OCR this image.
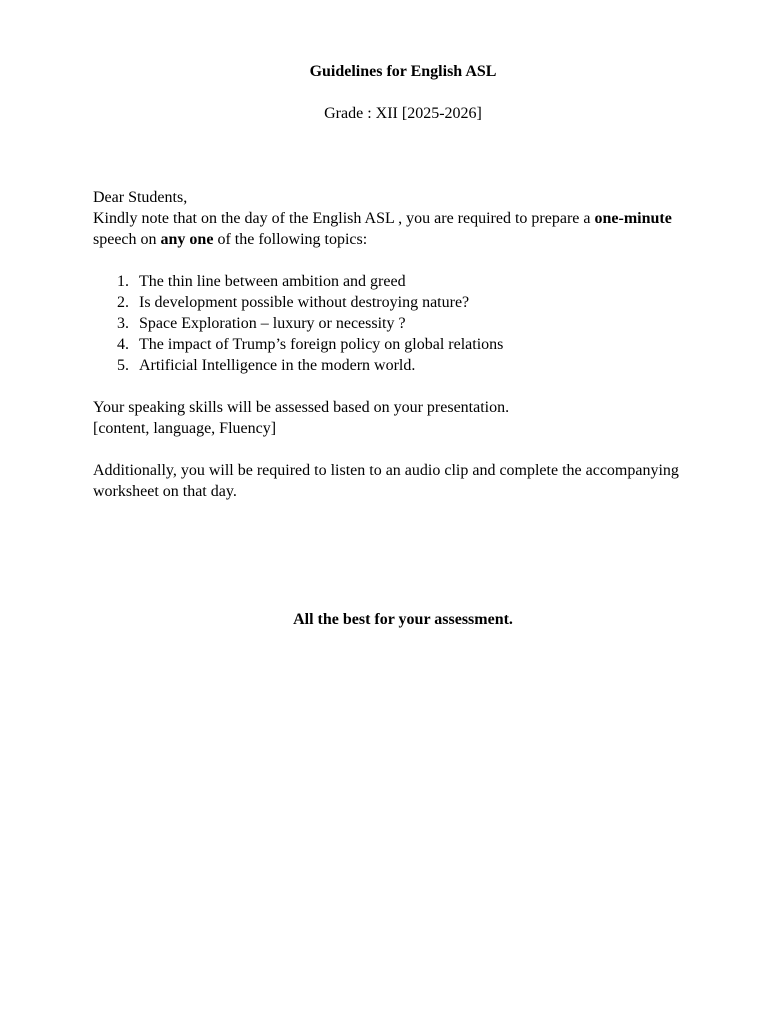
Guidelines for English ASL
Grade : XII [2025-2026]

Dear Students,

Kindly note that on the day of the English ASL , you are required to prepare a one-minute speech on any one of the following topics:

1. The thin line between ambition and greed
2. Is development possible without destroying nature?
3. Space Exploration – luxury or necessity ?
4. The impact of Trump’s foreign policy on global relations
5. Artificial Intelligence in the modern world.

Your speaking skills will be assessed based on your presentation.

[content, language, Fluency]

Additionally, you will be required to listen to an audio clip and complete the accompanying worksheet on that day.

All the best for your assessment.
